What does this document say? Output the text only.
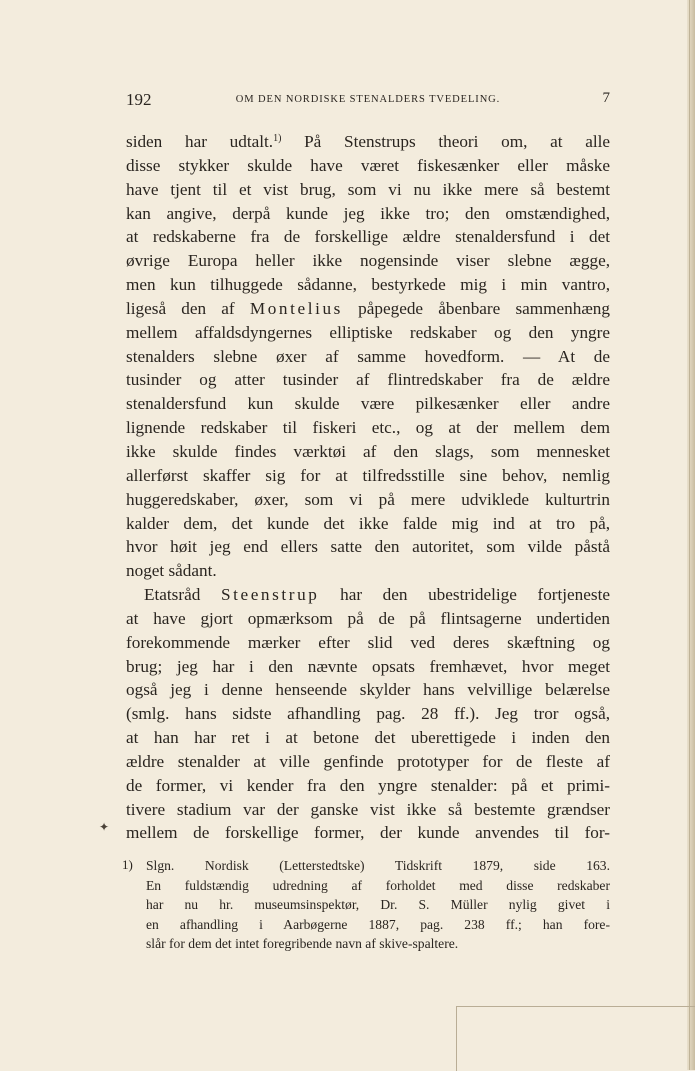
192	OM DEN NORDISKE STENALDERS TVEDELING.	7
siden har udtalt.$^{1)}$ På Stenstrups theori om, at alle
disse stykker skulde have været fiskesænker eller måske
have tjent til et vist brug, som vi nu ikke mere så bestemt
kan angive, derpå kunde jeg ikke tro; den omstændighed,
at redskaberne fra de forskellige ældre stenaldersfund i det
øvrige Europa heller ikke nogensinde viser slebne ægge,
men kun tilhuggede sådanne, bestyrkede mig i min vantro,
ligeså den af Montelius påpegede åbenbare sammenhæng
mellem affaldsdyngernes elliptiske redskaber og den yngre
stenalders slebne øxer af samme hovedform. — At de
tusinder og atter tusinder af flintredskaber fra de ældre
stenaldersfund kun skulde være pilkesænker eller andre
lignende redskaber til fiskeri etc., og at der mellem dem
ikke skulde findes værktøi af den slags, som mennesket
allerførst skaffer sig for at tilfredsstille sine behov, nemlig
huggeredskaber, øxer, som vi på mere udviklede kulturtrin
kalder dem, det kunde det ikke falde mig ind at tro på,
hvor høit jeg end ellers satte den autoritet, som vilde påstå
noget sådant.
Etatsråd Steenstrup har den ubestridelige fortjeneste
at have gjort opmærksom på de på flintsagerne undertiden
forekommende mærker efter slid ved deres skæftning og
brug; jeg har i den nævnte opsats fremhævet, hvor meget
også jeg i denne henseende skylder hans velvillige belærelse
(smlg. hans sidste afhandling pag. 28 ff.). Jeg tror også,
at han har ret i at betone det uberettigede i inden den
ældre stenalder at ville genfinde prototyper for de fleste af
de former, vi kender fra den yngre stenalder: på et primi-
tivere stadium var der ganske vist ikke så bestemte grændser
mellem de forskellige former, der kunde anvendes til for-
✦
1) Slgn. Nordisk (Letterstedtske) Tidskrift 1879, side 163.
En fuldstændig udredning af forholdet med disse redskaber
har nu hr. museumsinspektør, Dr. S. Müller nylig givet i
en afhandling i Aarbøgerne 1887, pag. 238 ff.; han fore-
slår for dem det intet foregribende navn af skive-spaltere.
